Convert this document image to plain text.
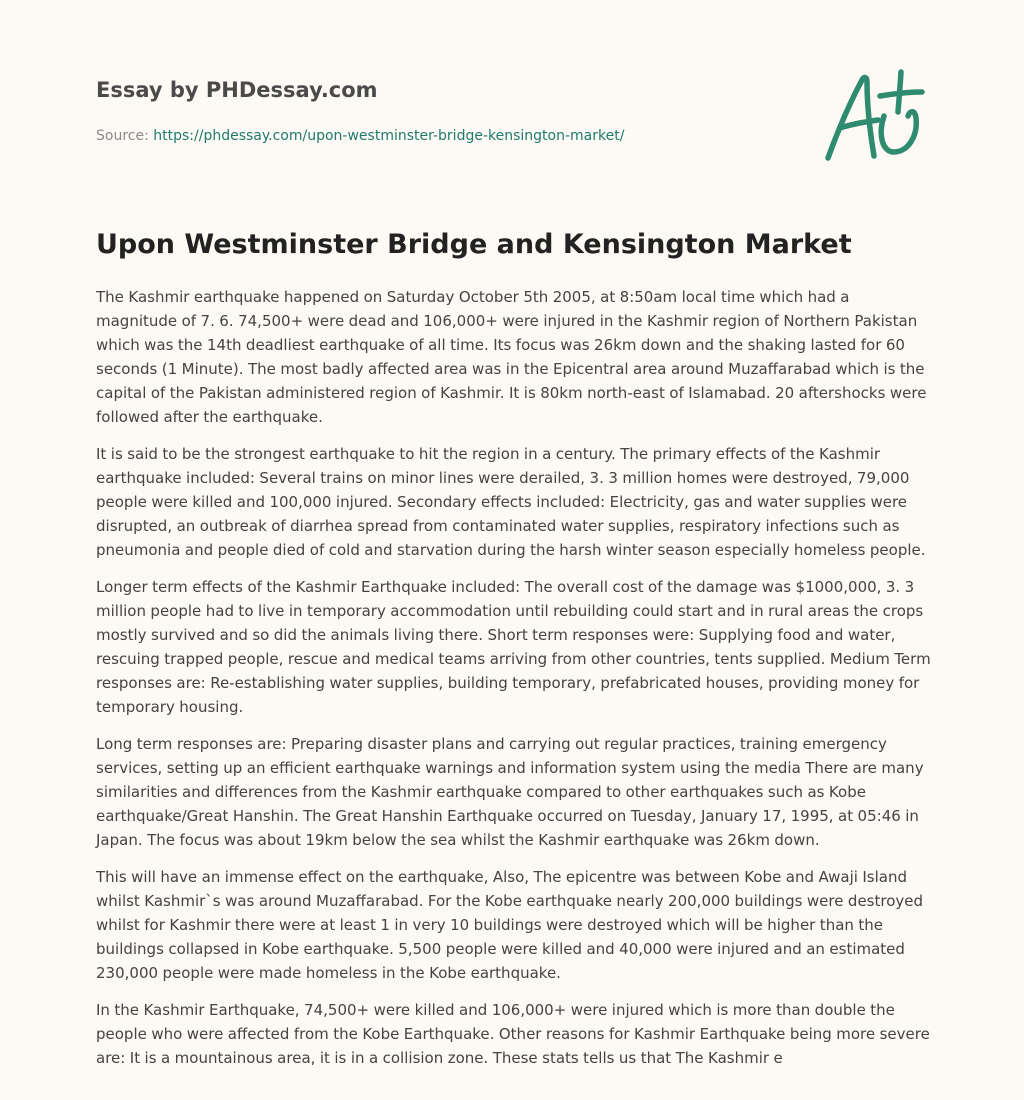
Essay by PHDessay.com
Source: https://phdessay.com/upon-westminster-bridge-kensington-market/
Upon Westminster Bridge and Kensington Market

The Kashmir earthquake happened on Saturday October 5th 2005, at 8:50am local time which had a magnitude of 7. 6. 74,500+ were dead and 106,000+ were injured in the Kashmir region of Northern Pakistan which was the 14th deadliest earthquake of all time. Its focus was 26km down and the shaking lasted for 60 seconds (1 Minute). The most badly affected area was in the Epicentral area around Muzaffarabad which is the capital of the Pakistan administered region of Kashmir. It is 80km north-east of Islamabad. 20 aftershocks were followed after the earthquake.

It is said to be the strongest earthquake to hit the region in a century. The primary effects of the Kashmir earthquake included: Several trains on minor lines were derailed, 3. 3 million homes were destroyed, 79,000 people were killed and 100,000 injured. Secondary effects included: Electricity, gas and water supplies were disrupted, an outbreak of diarrhea spread from contaminated water supplies, respiratory infections such as pneumonia and people died of cold and starvation during the harsh winter season especially homeless people.

Longer term effects of the Kashmir Earthquake included: The overall cost of the damage was $1000,000, 3. 3 million people had to live in temporary accommodation until rebuilding could start and in rural areas the crops mostly survived and so did the animals living there. Short term responses were: Supplying food and water, rescuing trapped people, rescue and medical teams arriving from other countries, tents supplied. Medium Term responses are: Re-establishing water supplies, building temporary, prefabricated houses, providing money for temporary housing.

Long term responses are: Preparing disaster plans and carrying out regular practices, training emergency services, setting up an efficient earthquake warnings and information system using the media There are many similarities and differences from the Kashmir earthquake compared to other earthquakes such as Kobe earthquake/Great Hanshin. The Great Hanshin Earthquake occurred on Tuesday, January 17, 1995, at 05:46 in Japan. The focus was about 19km below the sea whilst the Kashmir earthquake was 26km down.

This will have an immense effect on the earthquake, Also, The epicentre was between Kobe and Awaji Island whilst Kashmir`s was around Muzaffarabad. For the Kobe earthquake nearly 200,000 buildings were destroyed whilst for Kashmir there were at least 1 in very 10 buildings were destroyed which will be higher than the buildings collapsed in Kobe earthquake. 5,500 people were killed and 40,000 were injured and an estimated 230,000 people were made homeless in the Kobe earthquake.

In the Kashmir Earthquake, 74,500+ were killed and 106,000+ were injured which is more than double the people who were affected from the Kobe Earthquake. Other reasons for Kashmir Earthquake being more severe are: It is a mountainous area, it is in a collision zone. These stats tells us that The Kashmir e
